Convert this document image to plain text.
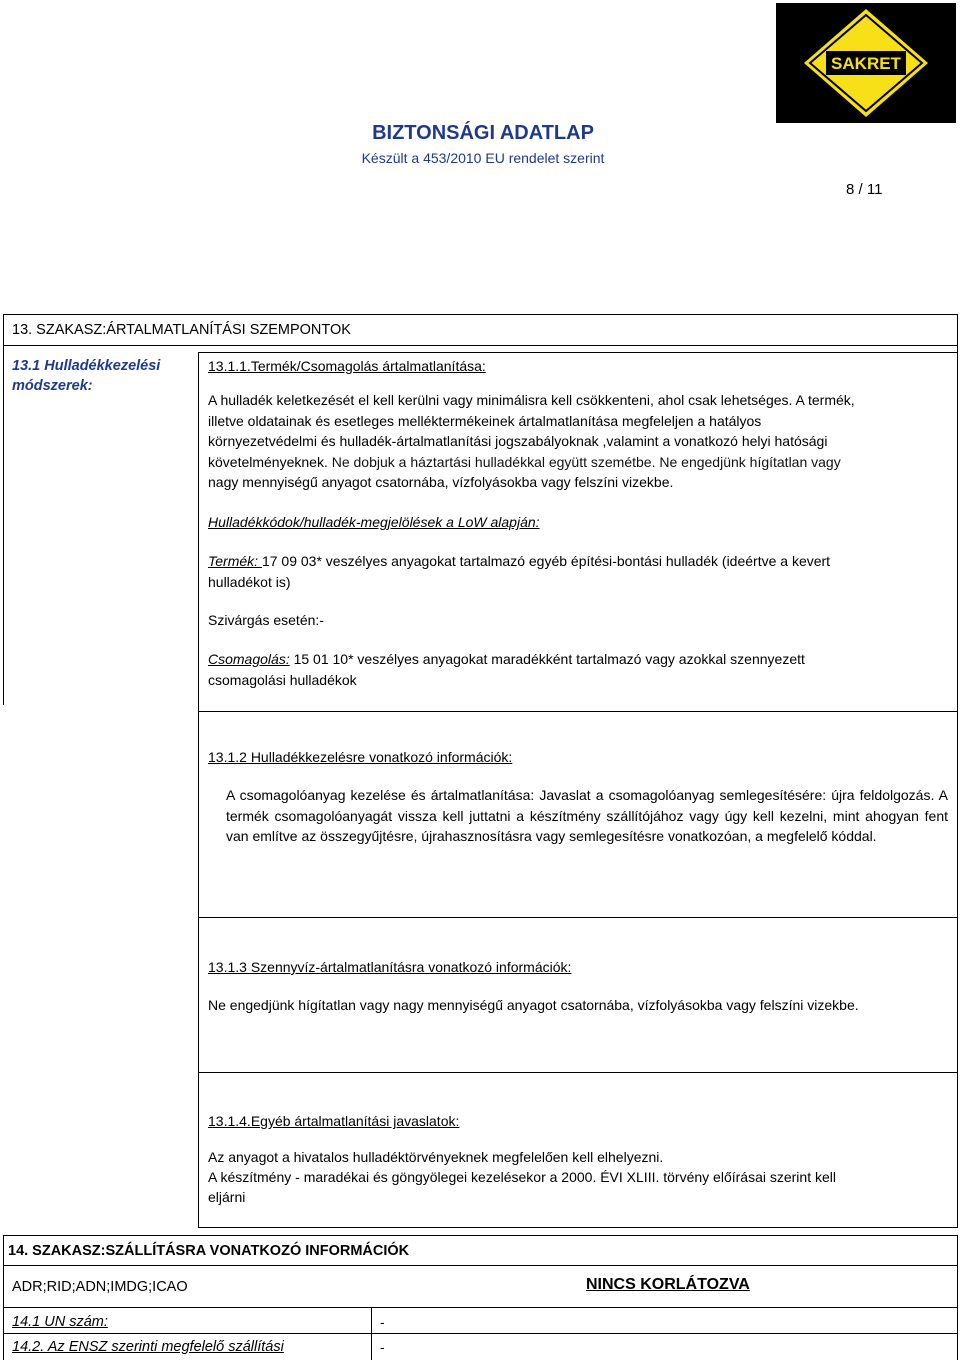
SAKRET
BIZTONSÁGI ADATLAP
Készült a 453/2010 EU rendelet szerint
8 / 11
13. SZAKASZ:ÁRTALMATLANÍTÁSI SZEMPONTOK
13.1 Hulladékkezelési
módszerek:
13.1.1.Termék/Csomagolás ártalmatlanítása:
A hulladék keletkezését el kell kerülni vagy minimálisra kell csökkenteni, ahol csak lehetséges. A termék,
illetve oldatainak és esetleges melléktermékeinek ártalmatlanítása megfeleljen a hatályos
környezetvédelmi és hulladék-ártalmatlanítási jogszabályoknak ,valamint a vonatkozó helyi hatósági
követelményeknek. Ne dobjuk a háztartási hulladékkal együtt szemétbe. Ne engedjünk hígítatlan vagy
nagy mennyiségű anyagot csatornába, vízfolyásokba vagy felszíni vizekbe.
Hulladékkódok/hulladék-megjelölések a LoW alapján:
Termék: 17 09 03* veszélyes anyagokat tartalmazó egyéb építési-bontási hulladék (ideértve a kevert
hulladékot is)
Szivárgás esetén:-
Csomagolás: 15 01 10* veszélyes anyagokat maradékként tartalmazó vagy azokkal szennyezett
csomagolási hulladékok
13.1.2 Hulladékkezelésre vonatkozó információk:
A csomagolóanyag kezelése és ártalmatlanítása: Javaslat a csomagolóanyag semlegesítésére: újra feldolgozás. A termék csomagolóanyagát vissza kell juttatni a készítmény szállítójához vagy úgy kell kezelni, mint ahogyan fent van említve az összegyűjtésre, újrahasznosításra vagy semlegesítésre vonatkozóan, a megfelelő kóddal.
13.1.3 Szennyvíz-ártalmatlanításra vonatkozó információk:
Ne engedjünk hígítatlan vagy nagy mennyiségű anyagot csatornába, vízfolyásokba vagy felszíni vizekbe.
13.1.4.Egyéb ártalmatlanítási javaslatok:
Az anyagot a hivatalos hulladéktörvényeknek megfelelően kell elhelyezni.
A készítmény - maradékai és göngyölegei kezelésekor a 2000. ÉVI XLIII. törvény előírásai szerint kell
eljárni
14. SZAKASZ:SZÁLLÍTÁSRA VONATKOZÓ INFORMÁCIÓK
ADR;RID;ADN;IMDG;ICAO	NINCS KORLÁTOZVA
14.1 UN szám:	-
14.2. Az ENSZ szerinti megfelelő szállítási	-
